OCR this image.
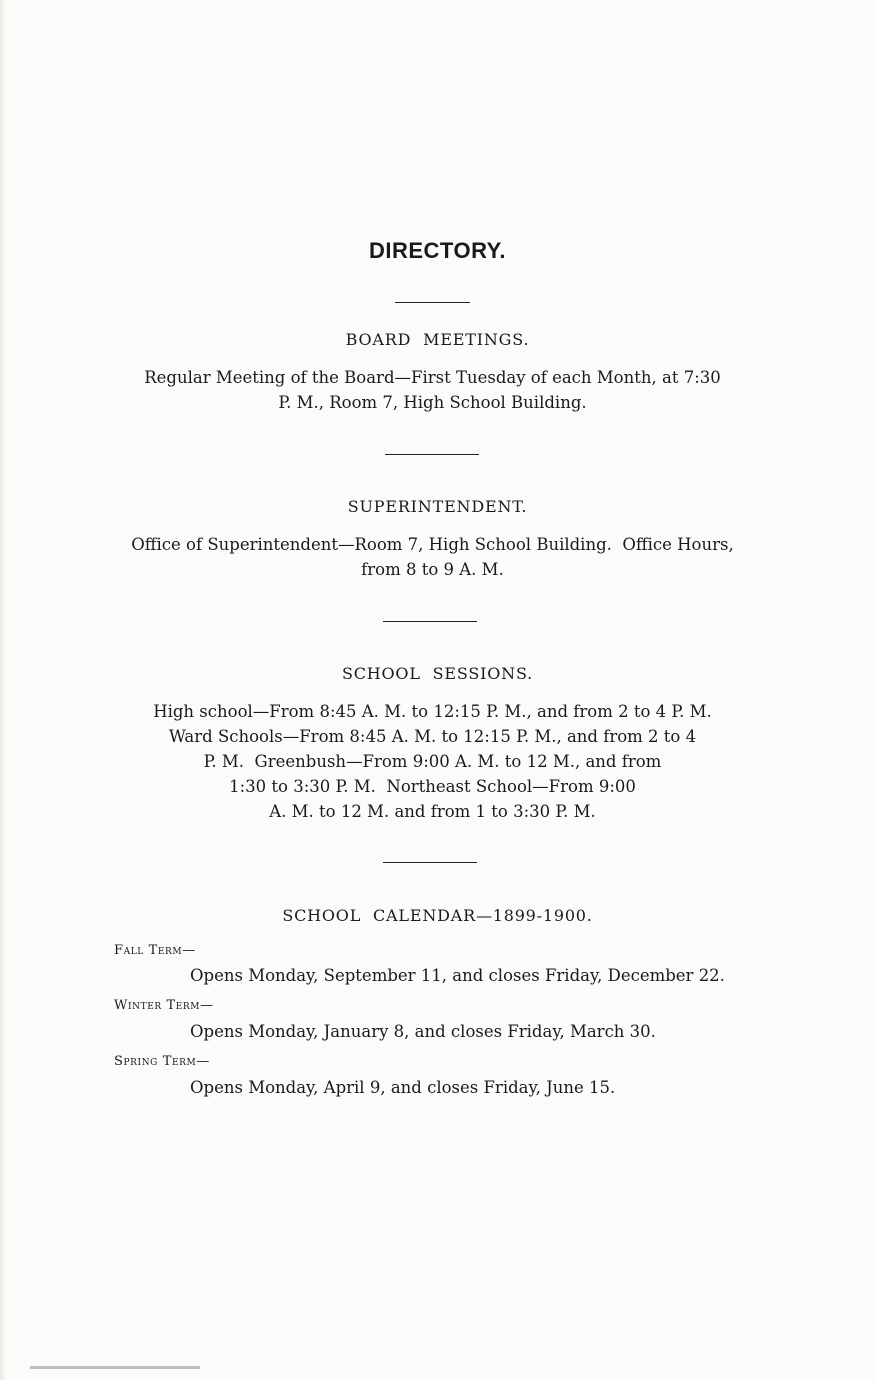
DIRECTORY.
BOARD MEETINGS.

Regular Meeting of the Board—First Tuesday of each Month, at 7:30

P. M., Room 7, High School Building.

SUPERINTENDENT.

Office of Superintendent—Room 7, High School Building.  Office Hours,

from 8 to 9 A. M.

SCHOOL SESSIONS.

High school—From 8:45 A. M. to 12:15 P. M., and from 2 to 4 P. M.

Ward Schools—From 8:45 A. M. to 12:15 P. M., and from 2 to 4

P. M.  Greenbush—From 9:00 A. M. to 12 M., and from

1:30 to 3:30 P. M.  Northeast School—From 9:00

A. M. to 12 M. and from 1 to 3:30 P. M.

SCHOOL CALENDAR—1899-1900.
Fall Term—

Opens Monday, September 11, and closes Friday, December 22.

Winter Term—

Opens Monday, January 8, and closes Friday, March 30.

Spring Term—

Opens Monday, April 9, and closes Friday, June 15.
